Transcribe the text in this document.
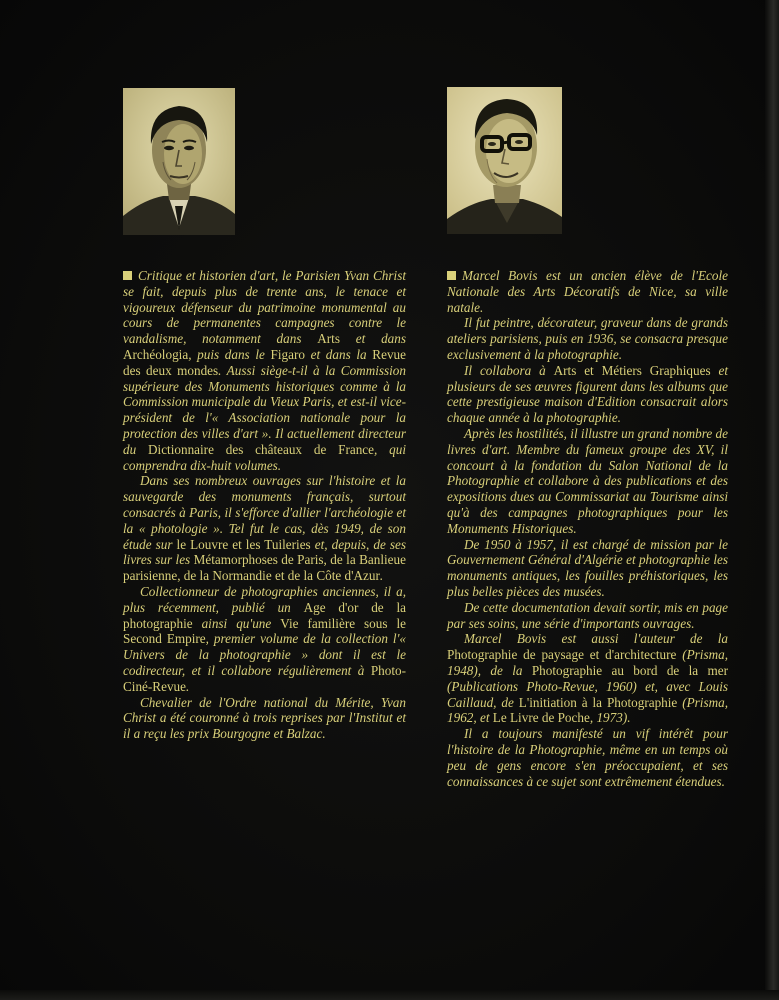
Critique et historien d'art, le Parisien Yvan Christ se fait, depuis plus de trente ans, le tenace et vigoureux défenseur du patrimoine monumental au cours de permanentes campagnes contre le vandalisme, notamment dans Arts et dans Archéologia, puis dans le Figaro et dans la Revue des deux mondes. Aussi siège-t-il à la Commission supérieure des Monuments historiques comme à la Commission municipale du Vieux Paris, et est-il vice-président de l'« Association nationale pour la protection des villes d'art ». Il actuellement directeur du Dictionnaire des châteaux de France, qui comprendra dix-huit volumes.

Dans ses nombreux ouvrages sur l'histoire et la sauvegarde des monuments français, surtout consacrés à Paris, il s'efforce d'allier l'archéologie et la « photologie ». Tel fut le cas, dès 1949, de son étude sur le Louvre et les Tuileries et, depuis, de ses livres sur les Métamorphoses de Paris, de la Banlieue parisienne, de la Normandie et de la Côte d'Azur.

Collectionneur de photographies anciennes, il a, plus récemment, publié un Age d'or de la photographie ainsi qu'une Vie familière sous le Second Empire, premier volume de la collection l'« Univers de la photographie » dont il est le codirecteur, et il collabore régulièrement à Photo-Ciné-Revue.

Chevalier de l'Ordre national du Mérite, Yvan Christ a été couronné à trois reprises par l'Institut et il a reçu les prix Bourgogne et Balzac.

Marcel Bovis est un ancien élève de l'Ecole Nationale des Arts Décoratifs de Nice, sa ville natale.

Il fut peintre, décorateur, graveur dans de grands ateliers parisiens, puis en 1936, se consacra presque exclusivement à la photographie.

Il collabora à Arts et Métiers Graphiques et plusieurs de ses œuvres figurent dans les albums que cette prestigieuse maison d'Edition consacrait alors chaque année à la photographie.

Après les hostilités, il illustre un grand nombre de livres d'art. Membre du fameux groupe des XV, il concourt à la fondation du Salon National de la Photographie et collabore à des publications et des expositions dues au Commissariat au Tourisme ainsi qu'à des campagnes photographiques pour les Monuments Historiques.

De 1950 à 1957, il est chargé de mission par le Gouvernement Général d'Algérie et photographie les monuments antiques, les fouilles préhistoriques, les plus belles pièces des musées.

De cette documentation devait sortir, mis en page par ses soins, une série d'importants ouvrages.

Marcel Bovis est aussi l'auteur de la Photographie de paysage et d'architecture (Prisma, 1948), de la Photographie au bord de la mer (Publications Photo-Revue, 1960) et, avec Louis Caillaud, de L'initiation à la Photographie (Prisma, 1962, et Le Livre de Poche, 1973).

Il a toujours manifesté un vif intérêt pour l'histoire de la Photographie, même en un temps où peu de gens encore s'en préoccupaient, et ses connaissances à ce sujet sont extrêmement étendues.
